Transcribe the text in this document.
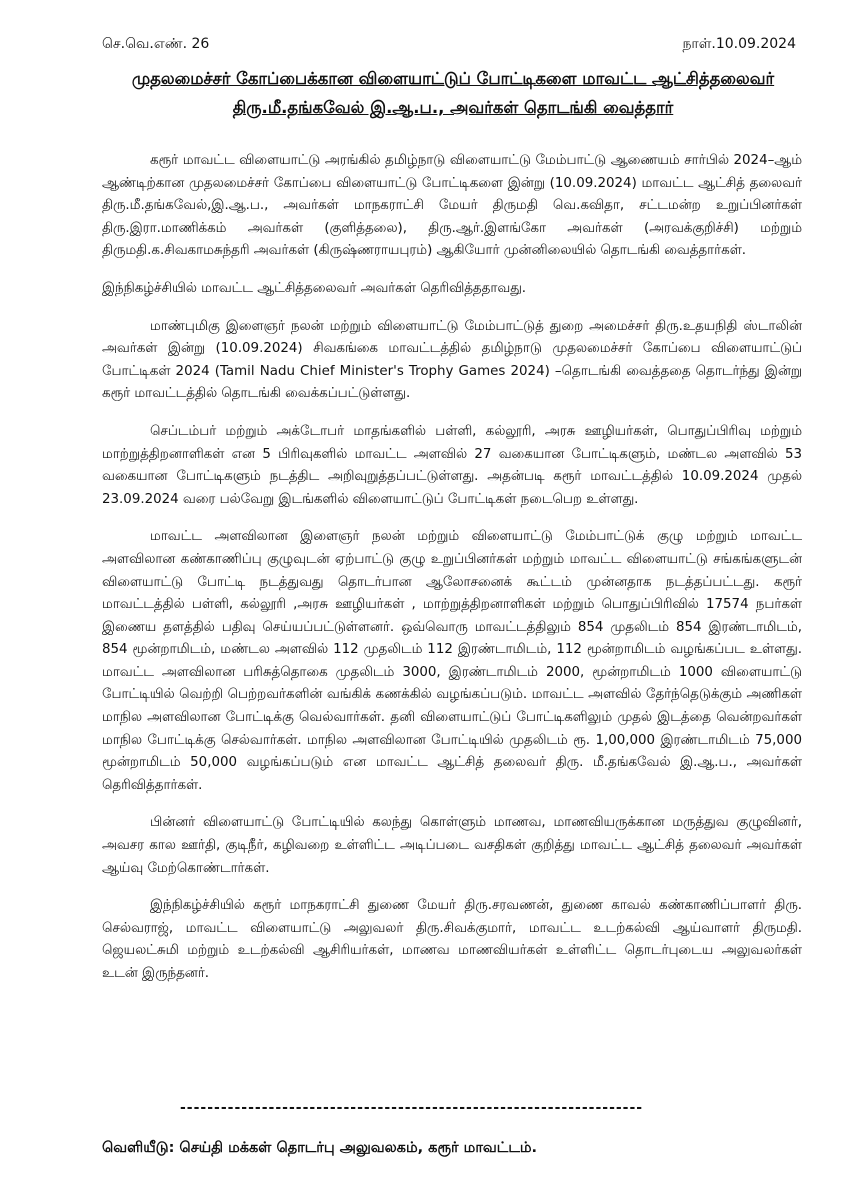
செ.வெ.எண். 26	நாள்.10.09.2024
முதலமைச்சர் கோப்பைக்கான விளையாட்டுப் போட்டிகளை மாவட்ட ஆட்சித்தலைவர் திரு.மீ.தங்கவேல் இ.ஆ.ப., அவர்கள் தொடங்கி வைத்தார்

கரூர் மாவட்ட விளையாட்டு அரங்கில் தமிழ்நாடு விளையாட்டு மேம்பாட்டு ஆணையம் சார்பில் 2024–ஆம் ஆண்டிற்கான முதலமைச்சர் கோப்பை விளையாட்டு போட்டிகளை இன்று (10.09.2024) மாவட்ட ஆட்சித் தலைவர் திரு.மீ.தங்கவேல்,இ.ஆ.ப., அவர்கள் மாநகராட்சி மேயர் திருமதி வெ.கவிதா, சட்டமன்ற உறுப்பினர்கள் திரு.இரா.மாணிக்கம் அவர்கள் (குளித்தலை), திரு.ஆர்.இளங்கோ அவர்கள் (அரவக்குறிச்சி) மற்றும் திருமதி.க.சிவகாமசுந்தரி அவர்கள் (கிருஷ்ணராயபுரம்) ஆகியோர் முன்னிலையில் தொடங்கி வைத்தார்கள்.

இந்நிகழ்ச்சியில் மாவட்ட ஆட்சித்தலைவர் அவர்கள் தெரிவித்ததாவது.

மாண்புமிகு இளைஞர் நலன் மற்றும் விளையாட்டு மேம்பாட்டுத் துறை அமைச்சர் திரு.உதயநிதி ஸ்டாலின் அவர்கள் இன்று (10.09.2024) சிவகங்கை மாவட்டத்தில் தமிழ்நாடு முதலமைச்சர் கோப்பை விளையாட்டுப் போட்டிகள் 2024 (Tamil Nadu Chief Minister's Trophy Games 2024) –தொடங்கி வைத்ததை தொடர்ந்து இன்று கரூர் மாவட்டத்தில் தொடங்கி வைக்கப்பட்டுள்ளது.

செப்டம்பர் மற்றும் அக்டோபர் மாதங்களில் பள்ளி, கல்லூரி, அரசு ஊழியர்கள், பொதுப்பிரிவு மற்றும் மாற்றுத்திறனாளிகள் என 5 பிரிவுகளில் மாவட்ட அளவில் 27 வகையான போட்டிகளும், மண்டல அளவில் 53 வகையான போட்டிகளும் நடத்திட அறிவுறுத்தப்பட்டுள்ளது. அதன்படி கரூர் மாவட்டத்தில் 10.09.2024 முதல் 23.09.2024 வரை பல்வேறு இடங்களில் விளையாட்டுப் போட்டிகள் நடைபெற உள்ளது.

மாவட்ட அளவிலான இளைஞர் நலன் மற்றும் விளையாட்டு மேம்பாட்டுக் குழு மற்றும் மாவட்ட அளவிலான கண்காணிப்பு குழுவுடன் ஏற்பாட்டு குழு உறுப்பினர்கள் மற்றும் மாவட்ட விளையாட்டு சங்கங்களுடன் விளையாட்டு போட்டி நடத்துவது தொடர்பான ஆலோசனைக் கூட்டம் முன்னதாக நடத்தப்பட்டது. கரூர் மாவட்டத்தில் பள்ளி, கல்லூரி ,அரசு ஊழியர்கள் , மாற்றுத்திறனாளிகள் மற்றும் பொதுப்பிரிவில் 17574 நபர்கள் இணைய தளத்தில் பதிவு செய்யப்பட்டுள்ளனர். ஒவ்வொரு மாவட்டத்திலும் 854 முதலிடம் 854 இரண்டாமிடம், 854 மூன்றாமிடம், மண்டல அளவில் 112 முதலிடம் 112 இரண்டாமிடம், 112 மூன்றாமிடம் வழங்கப்பட உள்ளது. மாவட்ட அளவிலான பரிசுத்தொகை முதலிடம் 3000, இரண்டாமிடம் 2000, மூன்றாமிடம் 1000 விளையாட்டு போட்டியில் வெற்றி பெற்றவர்களின் வங்கிக் கணக்கில் வழங்கப்படும். மாவட்ட அளவில் தேர்ந்தெடுக்கும் அணிகள் மாநில அளவிலான போட்டிக்கு வெல்வார்கள். தனி விளையாட்டுப் போட்டிகளிலும் முதல் இடத்தை வென்றவர்கள் மாநில போட்டிக்கு செல்வார்கள். மாநில அளவிலான போட்டியில் முதலிடம் ரூ. 1,00,000 இரண்டாமிடம் 75,000 மூன்றாமிடம் 50,000 வழங்கப்படும் என மாவட்ட ஆட்சித் தலைவர் திரு. மீ.தங்கவேல் இ.ஆ.ப., அவர்கள் தெரிவித்தார்கள்.

பின்னர் விளையாட்டு போட்டியில் கலந்து கொள்ளும் மாணவ, மாணவியருக்கான மருத்துவ குழுவினர், அவசர கால ஊர்தி, குடிநீர், கழிவறை உள்ளிட்ட அடிப்படை வசதிகள் குறித்து மாவட்ட ஆட்சித் தலைவர் அவர்கள் ஆய்வு மேற்கொண்டார்கள்.

இந்நிகழ்ச்சியில் கரூர் மாநகராட்சி துணை மேயர் திரு.சரவணன், துணை காவல் கண்காணிப்பாளர் திரு. செல்வராஜ், மாவட்ட விளையாட்டு அலுவலர் திரு.சிவக்குமார், மாவட்ட உடற்கல்வி ஆய்வாளர் திருமதி. ஜெயலட்சுமி மற்றும் உடற்கல்வி ஆசிரியர்கள், மாணவ மாணவியர்கள் உள்ளிட்ட தொடர்புடைய அலுவலர்கள் உடன் இருந்தனர்.

--------------------------------------------------------------------
வெளியீடு: செய்தி மக்கள் தொடர்பு அலுவலகம், கரூர் மாவட்டம்.
